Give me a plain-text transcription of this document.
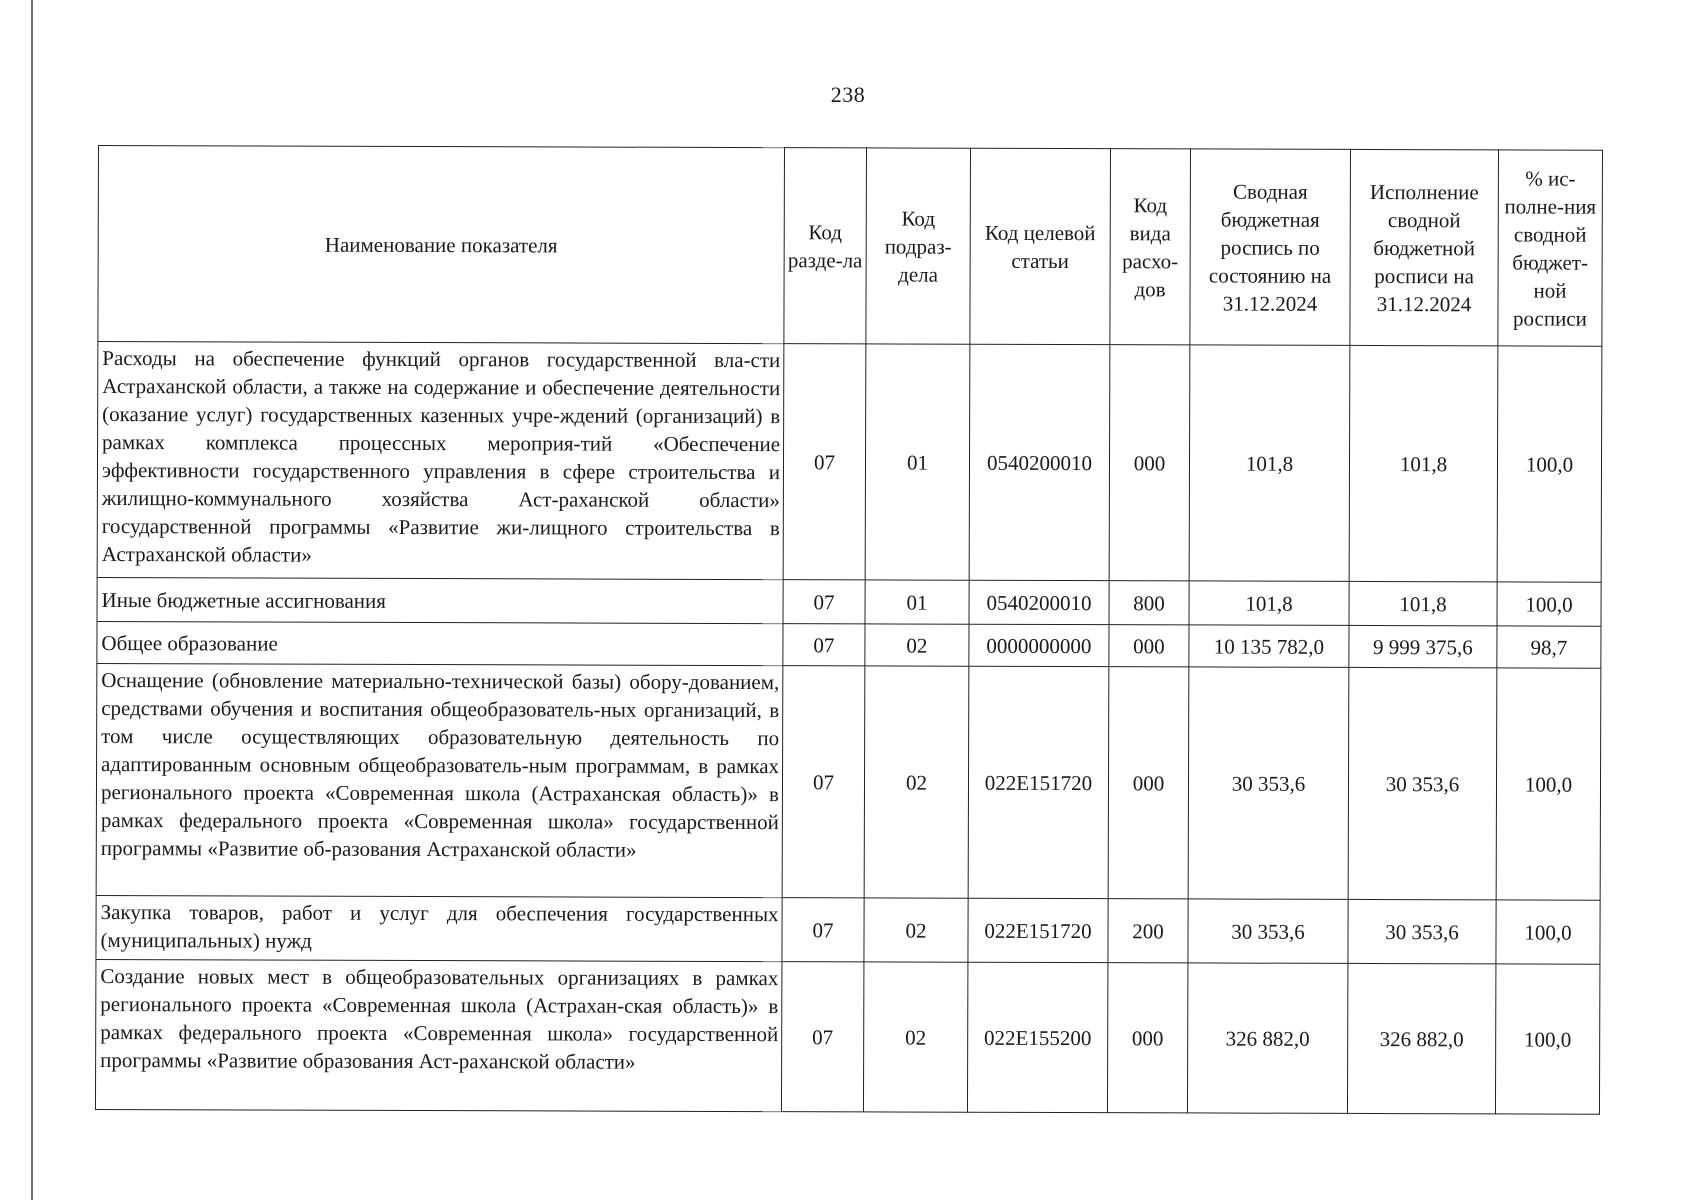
238
Наименование показателя	Код разде-ла	Код подраз-дела	Код целевой статьи	Код вида расхо-дов	Сводная бюджетная роспись по состоянию на 31.12.2024	Исполнение сводной бюджетной росписи на 31.12.2024	% ис-полне-ния сводной бюджет-ной росписи
Расходы на обеспечение функций органов государственной вла-сти Астраханской области, а также на содержание и обеспечение деятельности (оказание услуг) государственных казенных учре-ждений (организаций) в рамках комплекса процессных мероприя-тий «Обеспечение эффективности государственного управления в сфере строительства и жилищно-коммунального хозяйства Аст-раханской области» государственной программы «Развитие жи-лищного строительства в Астраханской области»	07	01	0540200010	000	101,8	101,8	100,0
Иные бюджетные ассигнования	07	01	0540200010	800	101,8	101,8	100,0
Общее образование	07	02	0000000000	000	10 135 782,0	9 999 375,6	98,7
Оснащение (обновление материально-технической базы) обору-дованием, средствами обучения и воспитания общеобразователь-ных организаций, в том числе осуществляющих образовательную деятельность по адаптированным основным общеобразователь-ным программам, в рамках регионального проекта «Современная школа (Астраханская область)» в рамках федерального проекта «Современная школа» государственной программы «Развитие об-разования Астраханской области»	07	02	022Е151720	000	30 353,6	30 353,6	100,0
Закупка товаров, работ и услуг для обеспечения государственных (муниципальных) нужд	07	02	022Е151720	200	30 353,6	30 353,6	100,0
Создание новых мест в общеобразовательных организациях в рамках регионального проекта «Современная школа (Астрахан-ская область)» в рамках федерального проекта «Современная школа» государственной программы «Развитие образования Аст-раханской области»	07	02	022Е155200	000	326 882,0	326 882,0	100,0
